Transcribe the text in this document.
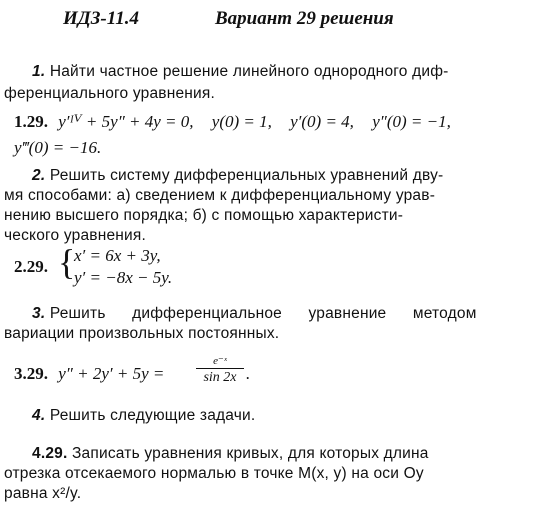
ИДЗ-11.4	Вариант 29 решения
1. Найти частное решение линейного однородного диф-
ференциального уравнения.
1.29. y′ᴵⱽ + 5y″ + 4y = 0, y(0) = 1, y′(0) = 4, y″(0) = −1,
y‴(0) = −16.
2. Решить систему дифференциальных уравнений дву-
мя способами: а) сведением к дифференциальному урав-
нению высшего порядка; б) с помощью характеристи-
ческого уравнения.
2.29. {
x′ = 6x + 3y,
y′ = −8x − 5y.
3. Решить дифференциальное уравнение методом
вариации произвольных постоянных.
3.29. y″ + 2y′ + 5y =
e⁻ˣ
sin 2x .
4. Решить следующие задачи.
4.29. Записать уравнения кривых, для которых длина
отрезка отсекаемого нормалью в точке M(x, y) на оси Oy
равна x²/y.
